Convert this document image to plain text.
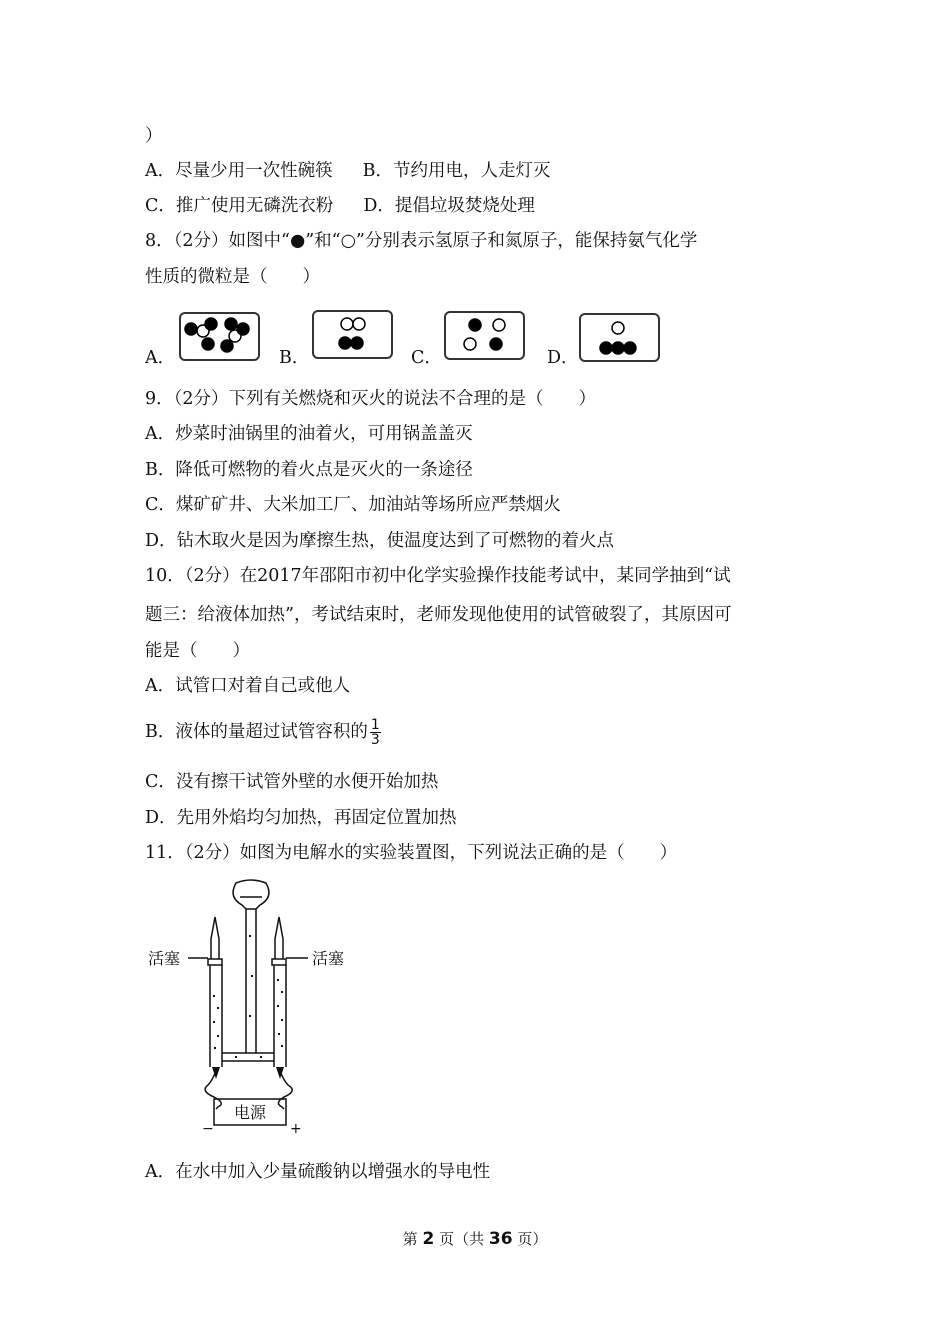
）
A．尽量少用一次性碗筷 B．节约用电，人走灯灭
C．推广使用无磷洗衣粉 D．提倡垃圾焚烧处理
8．（2分）如图中“●”和“○”分别表示氢原子和氮原子，能保持氨气化学
性质的微粒是（　　）
A．	B．	C．	D．
9．（2分）下列有关燃烧和灭火的说法不合理的是（　　）
A．炒菜时油锅里的油着火，可用锅盖盖灭
B．降低可燃物的着火点是灭火的一条途径
C．煤矿矿井、大米加工厂、加油站等场所应严禁烟火
D．钻木取火是因为摩擦生热，使温度达到了可燃物的着火点
10．（2分）在2017年邵阳市初中化学实验操作技能考试中，某同学抽到“试
题三：给液体加热”，考试结束时，老师发现他使用的试管破裂了，其原因可
能是（　　）
A．试管口对着自己或他人
B．液体的量超过试管容积的 $\frac{1}{3}$
C．没有擦干试管外壁的水便开始加热
D．先用外焰均匀加热，再固定位置加热
11．（2分）如图为电解水的实验装置图，下列说法正确的是（　　）
活塞	活塞
电源
−	+
A．在水中加入少量硫酸钠以增强水的导电性
第 2 页（共 36 页）
